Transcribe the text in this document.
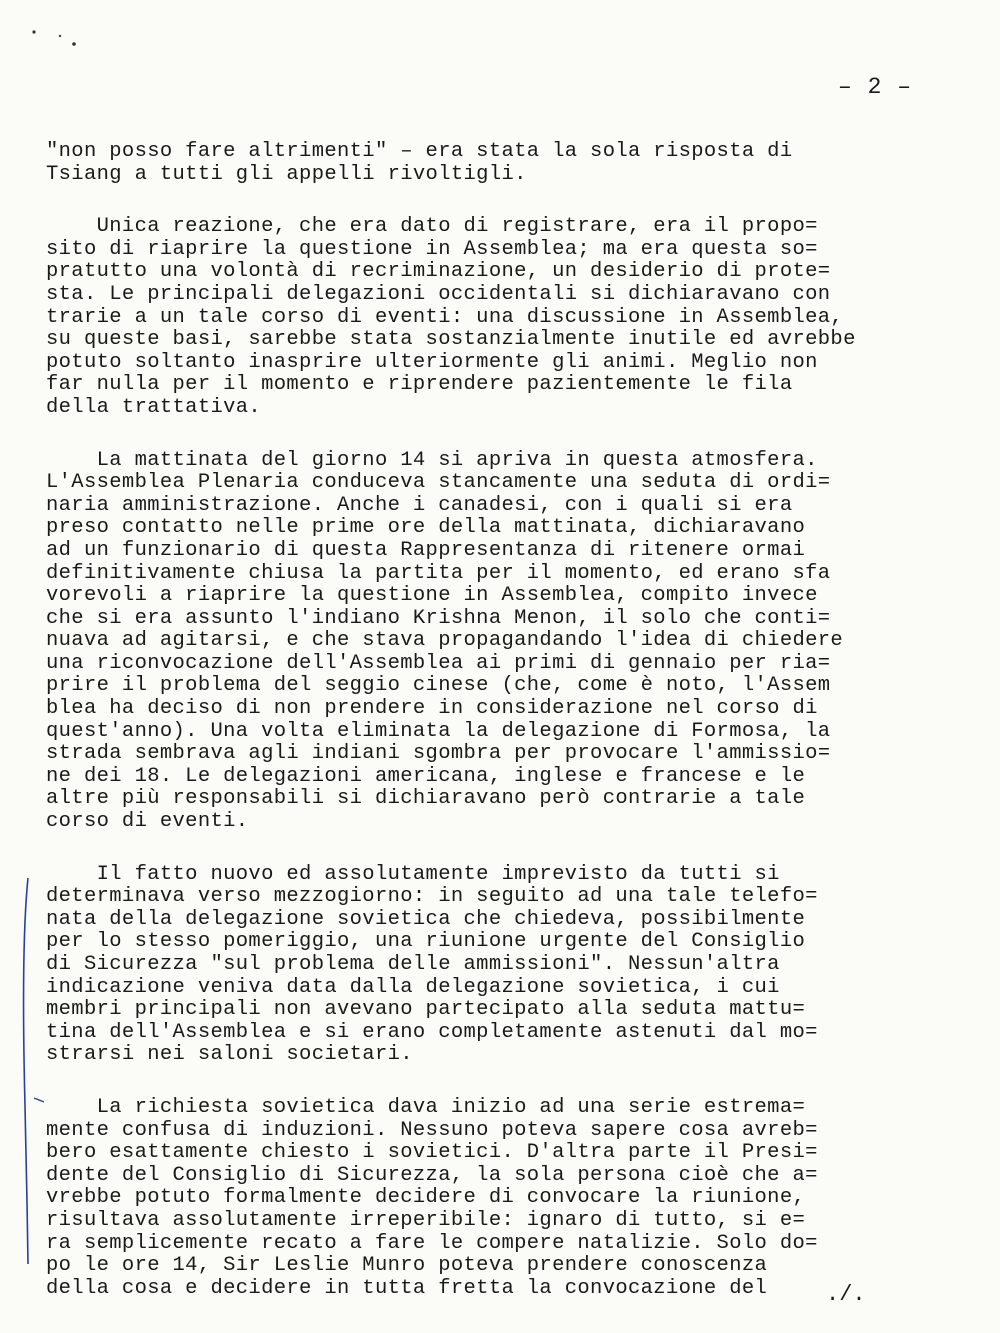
– 2 –
"non posso fare altrimenti" – era stata la sola risposta di
Tsiang a tutti gli appelli rivoltigli.
Unica reazione, che era dato di registrare, era il propo=
sito di riaprire la questione in Assemblea; ma era questa so=
pratutto una volontà di recriminazione, un desiderio di prote=
sta. Le principali delegazioni occidentali si dichiaravano con
trarie a un tale corso di eventi: una discussione in Assemblea,
su queste basi, sarebbe stata sostanzialmente inutile ed avrebbe
potuto soltanto inasprire ulteriormente gli animi. Meglio non
far nulla per il momento e riprendere pazientemente le fila
della trattativa.
La mattinata del giorno 14 si apriva in questa atmosfera.
L'Assemblea Plenaria conduceva stancamente una seduta di ordi=
naria amministrazione. Anche i canadesi, con i quali si era
preso contatto nelle prime ore della mattinata, dichiaravano
ad un funzionario di questa Rappresentanza di ritenere ormai
definitivamente chiusa la partita per il momento, ed erano sfa
vorevoli a riaprire la questione in Assemblea, compito invece
che si era assunto l'indiano Krishna Menon, il solo che conti=
nuava ad agitarsi, e che stava propagandando l'idea di chiedere
una riconvocazione dell'Assemblea ai primi di gennaio per ria=
prire il problema del seggio cinese (che, come è noto, l'Assem
blea ha deciso di non prendere in considerazione nel corso di
quest'anno). Una volta eliminata la delegazione di Formosa, la
strada sembrava agli indiani sgombra per provocare l'ammissio=
ne dei 18. Le delegazioni americana, inglese e francese e le
altre più responsabili si dichiaravano però contrarie a tale
corso di eventi.
Il fatto nuovo ed assolutamente imprevisto da tutti si
determinava verso mezzogiorno: in seguito ad una tale telefo=
nata della delegazione sovietica che chiedeva, possibilmente
per lo stesso pomeriggio, una riunione urgente del Consiglio
di Sicurezza "sul problema delle ammissioni". Nessun'altra
indicazione veniva data dalla delegazione sovietica, i cui
membri principali non avevano partecipato alla seduta mattu=
tina dell'Assemblea e si erano completamente astenuti dal mo=
strarsi nei saloni societari.
La richiesta sovietica dava inizio ad una serie estrema=
mente confusa di induzioni. Nessuno poteva sapere cosa avreb=
bero esattamente chiesto i sovietici. D'altra parte il Presi=
dente del Consiglio di Sicurezza, la sola persona cioè che a=
vrebbe potuto formalmente decidere di convocare la riunione,
risultava assolutamente irreperibile: ignaro di tutto, si e=
ra semplicemente recato a fare le compere natalizie. Solo do=
po le ore 14, Sir Leslie Munro poteva prendere conoscenza
della cosa e decidere in tutta fretta la convocazione del	./.
